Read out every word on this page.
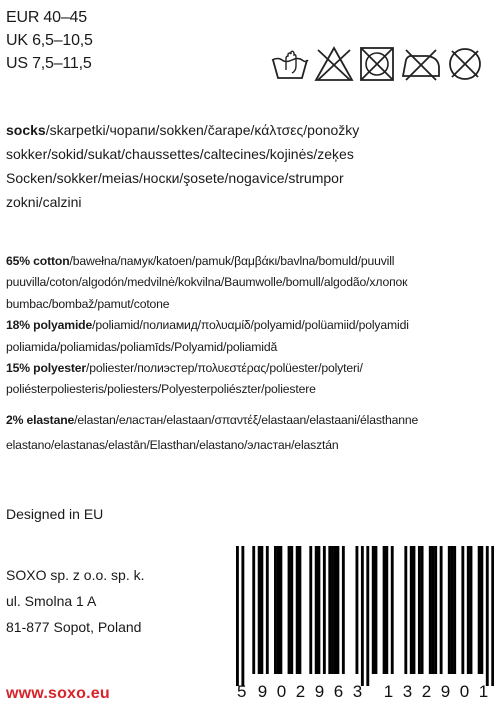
EUR 40–45
UK 6,5–10,5
US 7,5–11,5
socks/skarpetki/чорапи/sokken/čarape/κάλτσες/ponožky
sokker/sokid/sukat/chaussettes/caltecines/kojinės/zeķes
Socken/sokker/meias/носки/şosete/nogavice/strumpor
zokni/calzini
65% cotton/bawełna/памук/katoen/pamuk/βαμβάκι/bavlna/bomuld/puuvill
puuvilla/coton/algodón/medvilnė/kokvilna/Baumwolle/bomull/algodão/хлопок
bumbac/bombaž/pamut/cotone
18% polyamide/poliamid/полиамид/πολυαμίδ/polyamid/polüamiid/polyamidi
poliamida/poliamidas/poliamīds/Polyamid/poliamidă
15% polyester/poliester/полиэстер/πολυεστέρας/polüester/polyteri/
poliésterpoliesteris/poliesters/Polyesterpoliészter/poliestere
2% elastane/elastan/еластан/elastaan/σπαντέξ/elastaan/elastaani/élasthanne
elastano/elastanas/elastān/Elasthan/elastano/эластан/elasztán
Designed in EU
SOXO sp. z o.o. sp. k.
ul. Smolna 1 A
81-877 Sopot, Poland
www.soxo.eu	5 9 0 2 9 6 3 1 3 2 9 0 1
